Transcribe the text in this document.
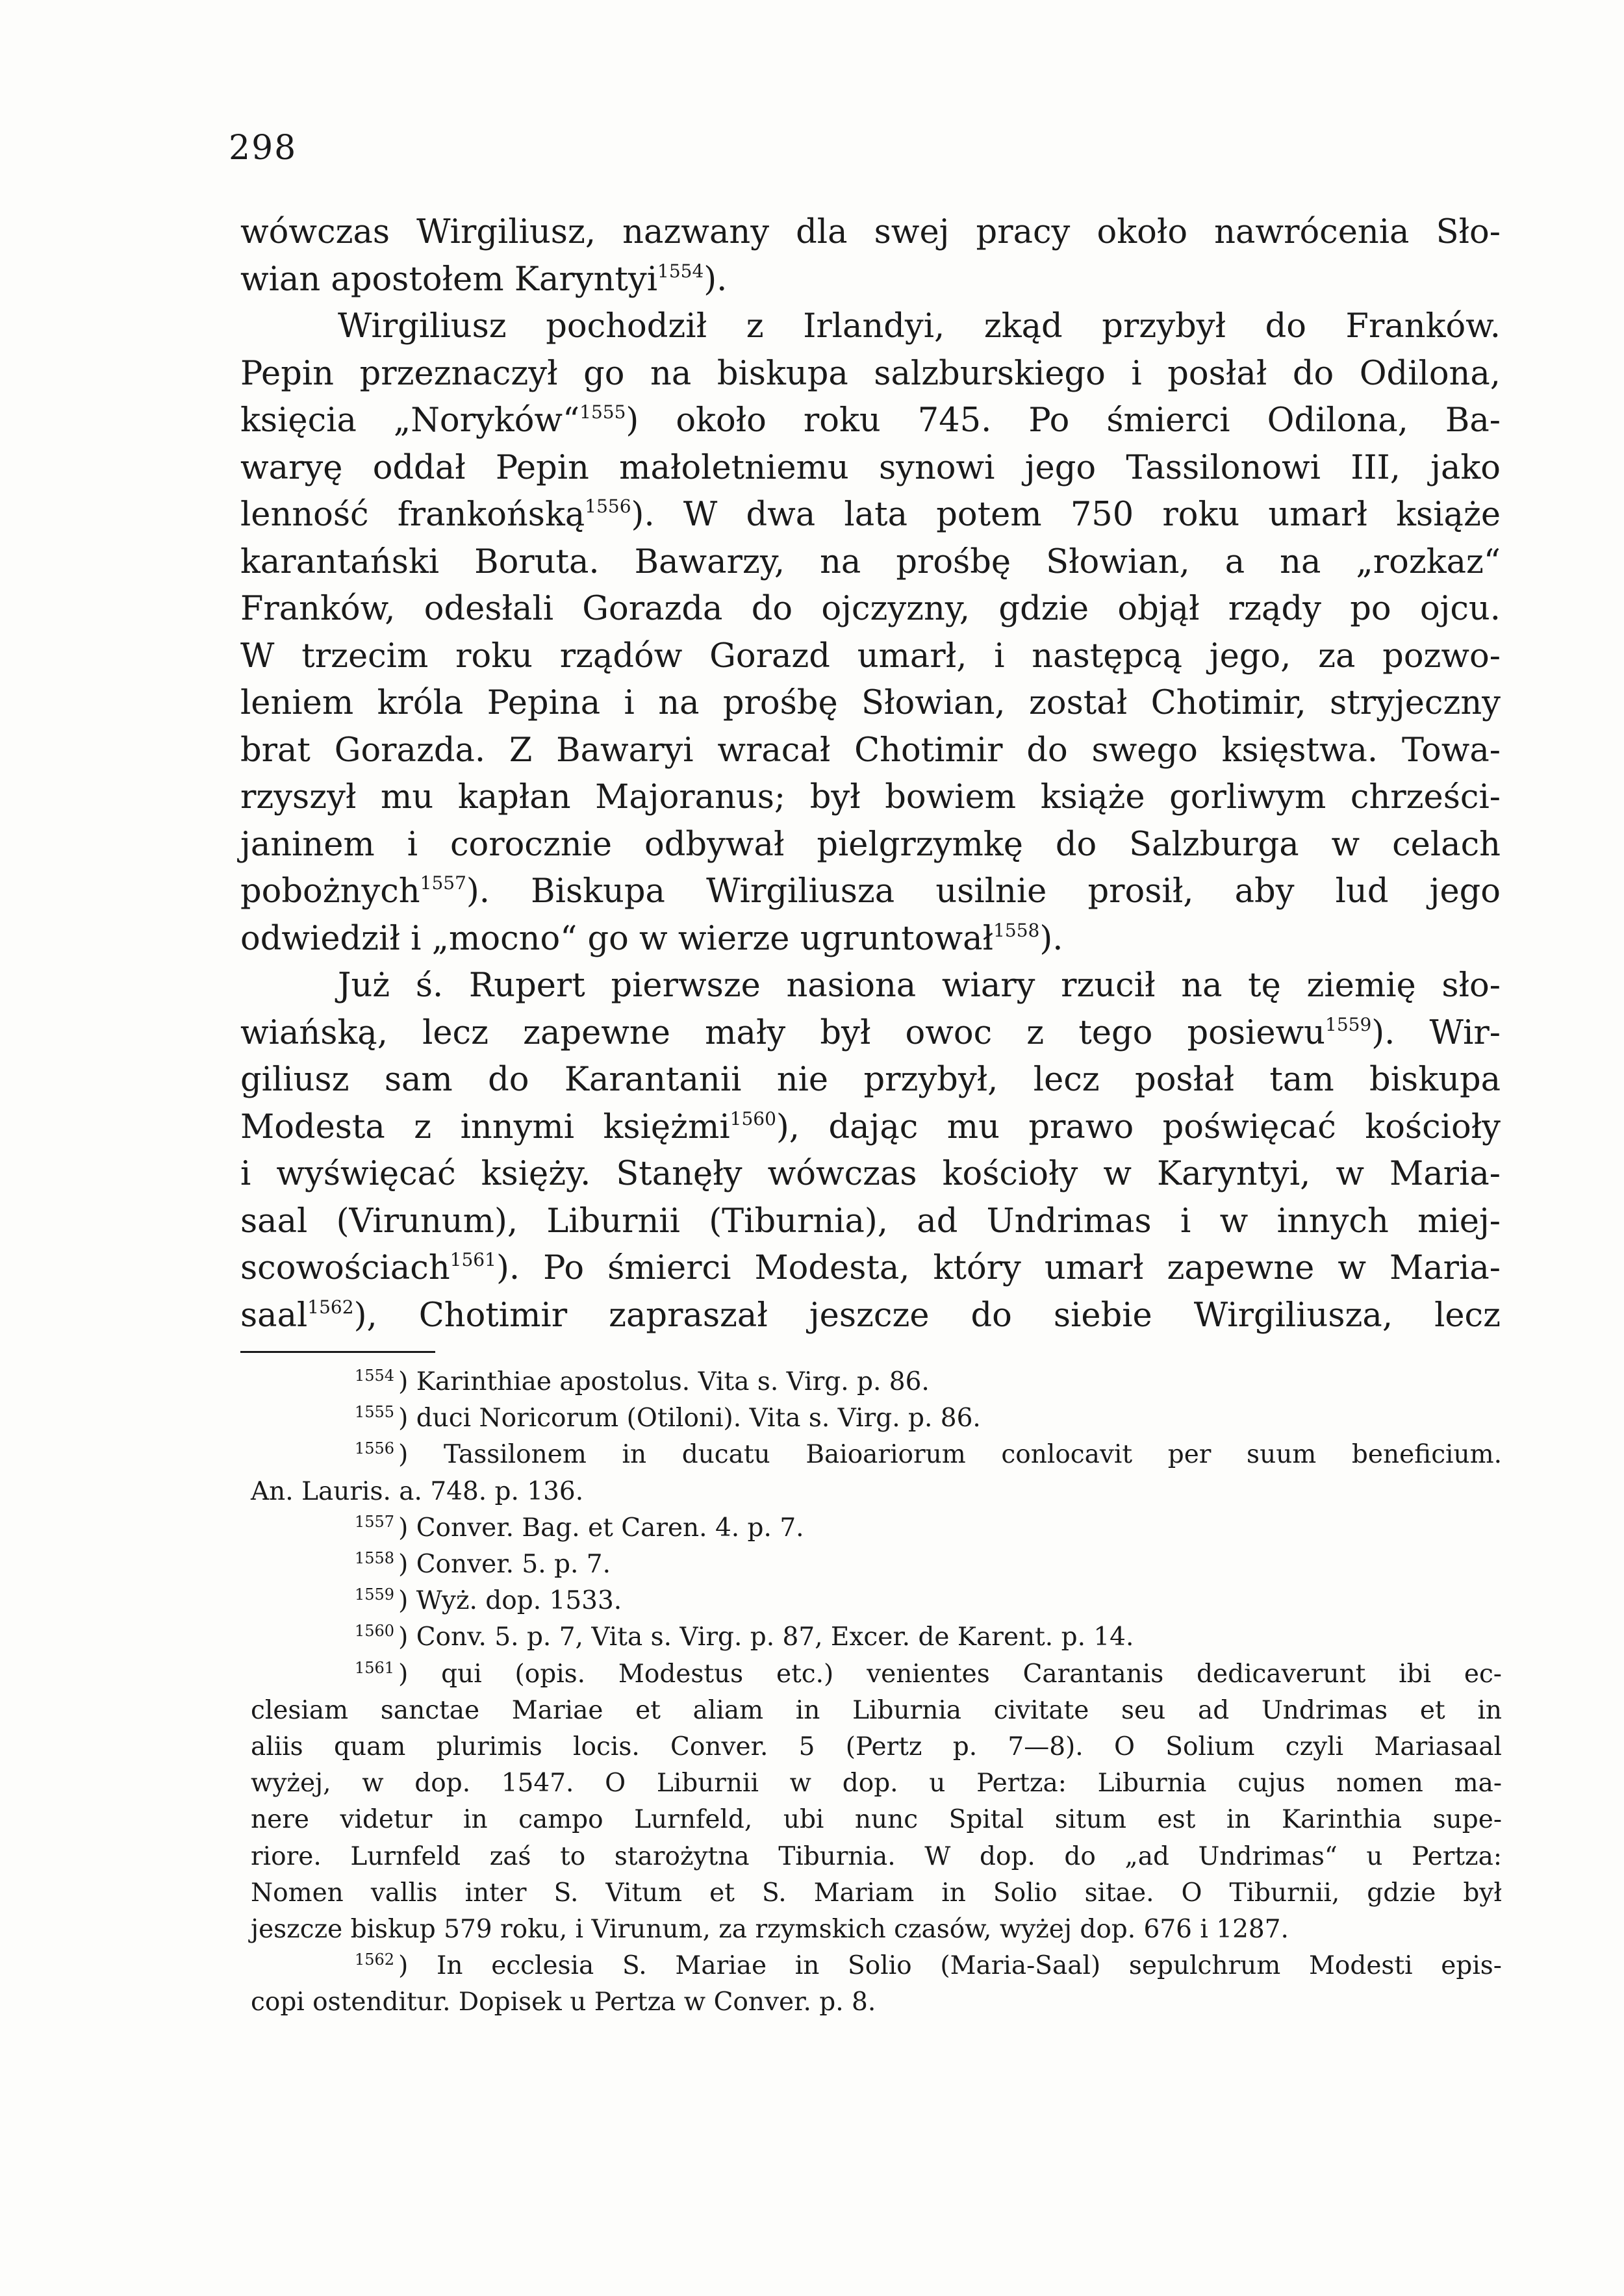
298
wówczas Wirgiliusz, nazwany dla swej pracy około nawrócenia Sło-
wian apostołem Karyntyi$^{1554}$).
Wirgiliusz pochodził z Irlandyi, zkąd przybył do Franków.
Pepin przeznaczył go na biskupa salzburskiego i posłał do Odilona,
księcia „Noryków“$^{1555}$) około roku 745. Po śmierci Odilona, Ba-
waryę oddał Pepin małoletniemu synowi jego Tassilonowi III, jako
lenność frankońską$^{1556}$). W dwa lata potem 750 roku umarł książe
karantański Boruta. Bawarzy, na prośbę Słowian, a na „rozkaz“
Franków, odesłali Gorazda do ojczyzny, gdzie objął rządy po ojcu.
W trzecim roku rządów Gorazd umarł, i następcą jego, za pozwo-
leniem króla Pepina i na prośbę Słowian, został Chotimir, stryjeczny
brat Gorazda. Z Bawaryi wracał Chotimir do swego księstwa. Towa-
rzyszył mu kapłan Majoranus; był bowiem książe gorliwym chrześci-
janinem i corocznie odbywał pielgrzymkę do Salzburga w celach
pobożnych$^{1557}$). Biskupa Wirgiliusza usilnie prosił, aby lud jego
odwiedził i „mocno“ go w wierze ugruntował$^{1558}$).
Już ś. Rupert pierwsze nasiona wiary rzucił na tę ziemię sło-
wiańską, lecz zapewne mały był owoc z tego posiewu$^{1559}$). Wir-
giliusz sam do Karantanii nie przybył, lecz posłał tam biskupa
Modesta z innymi księżmi$^{1560}$), dając mu prawo poświęcać kościoły
i wyświęcać księży. Stanęły wówczas kościoły w Karyntyi, w Maria-
saal (Virunum), Liburnii (Tiburnia), ad Undrimas i w innych miej-
scowościach$^{1561}$). Po śmierci Modesta, który umarł zapewne w Maria-
saal$^{1562}$), Chotimir zapraszał jeszcze do siebie Wirgiliusza, lecz
$^{1554}$ ) Karinthiae apostolus. Vita s. Virg. p. 86.
$^{1555}$ ) duci Noricorum (Otiloni). Vita s. Virg. p. 86.
$^{1556}$ ) Tassilonem in ducatu Baioariorum conlocavit per suum beneficium.
An. Lauris. a. 748. p. 136.
$^{1557}$ ) Conver. Bag. et Caren. 4. p. 7.
$^{1558}$ ) Conver. 5. p. 7.
$^{1559}$ ) Wyż. dop. 1533.
$^{1560}$ ) Conv. 5. p. 7, Vita s. Virg. p. 87, Excer. de Karent. p. 14.
$^{1561}$ ) qui (opis. Modestus etc.) venientes Carantanis dedicaverunt ibi ec-
clesiam sanctae Mariae et aliam in Liburnia civitate seu ad Undrimas et in
aliis quam plurimis locis. Conver. 5 (Pertz p. 7—8). O Solium czyli Mariasaal
wyżej, w dop. 1547. O Liburnii w dop. u Pertza: Liburnia cujus nomen ma-
nere videtur in campo Lurnfeld, ubi nunc Spital situm est in Karinthia supe-
riore. Lurnfeld zaś to starożytna Tiburnia. W dop. do „ad Undrimas“ u Pertza:
Nomen vallis inter S. Vitum et S. Mariam in Solio sitae. O Tiburnii, gdzie był
jeszcze biskup 579 roku, i Virunum, za rzymskich czasów, wyżej dop. 676 i 1287.
$^{1562}$ ) In ecclesia S. Mariae in Solio (Maria-Saal) sepulchrum Modesti epis-
copi ostenditur. Dopisek u Pertza w Conver. p. 8.
